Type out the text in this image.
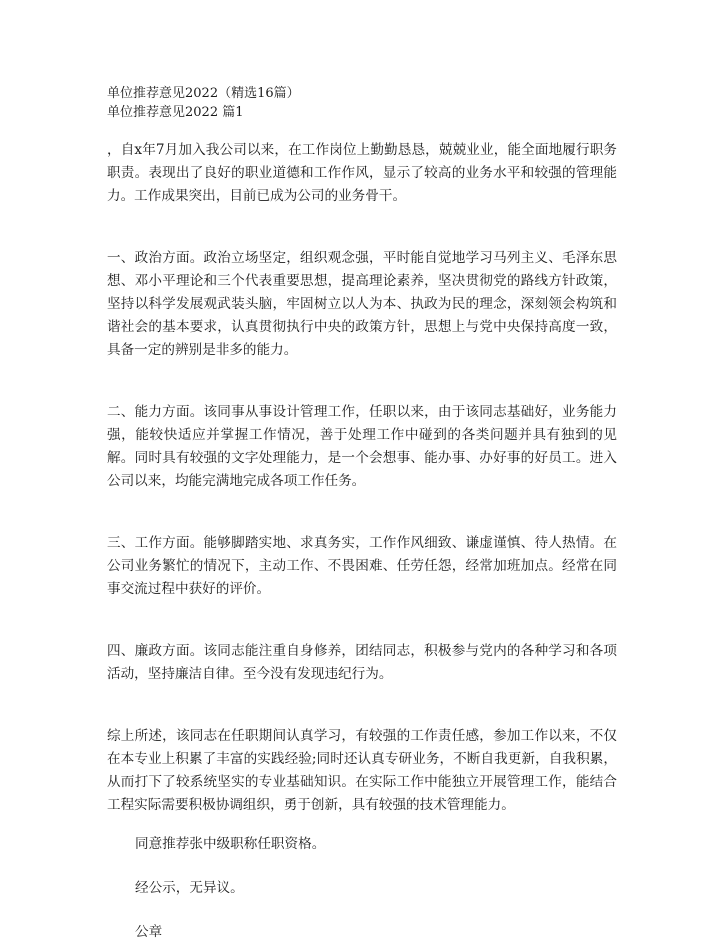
单位推荐意见2022（精选16篇）

单位推荐意见2022 篇1

，自x年7月加入我公司以来，在工作岗位上勤勤恳恳，兢兢业业，能全面地履行职务职责。表现出了良好的职业道德和工作作风，显示了较高的业务水平和较强的管理能力。工作成果突出，目前已成为公司的业务骨干。

一、政治方面。政治立场坚定，组织观念强，平时能自觉地学习马列主义、毛泽东思想、邓小平理论和三个代表重要思想，提高理论素养，坚决贯彻党的路线方针政策，坚持以科学发展观武装头脑，牢固树立以人为本、执政为民的理念，深刻领会构筑和谐社会的基本要求，认真贯彻执行中央的政策方针，思想上与党中央保持高度一致，具备一定的辨别是非多的能力。

二、能力方面。该同事从事设计管理工作，任职以来，由于该同志基础好，业务能力强，能较快适应并掌握工作情况，善于处理工作中碰到的各类问题并具有独到的见解。同时具有较强的文字处理能力，是一个会想事、能办事、办好事的好员工。进入公司以来，均能完满地完成各项工作任务。

三、工作方面。能够脚踏实地、求真务实，工作作风细致、谦虚谨慎、待人热情。在公司业务繁忙的情况下，主动工作、不畏困难、任劳任怨，经常加班加点。经常在同事交流过程中获好的评价。

四、廉政方面。该同志能注重自身修养，团结同志，积极参与党内的各种学习和各项活动，坚持廉洁自律。至今没有发现违纪行为。

综上所述，该同志在任职期间认真学习，有较强的工作责任感，参加工作以来，不仅在本专业上积累了丰富的实践经验;同时还认真专研业务，不断自我更新，自我积累，从而打下了较系统坚实的专业基础知识。在实际工作中能独立开展管理工作，能结合工程实际需要积极协调组织，勇于创新，具有较强的技术管理能力。

同意推荐张中级职称任职资格。

经公示，无异议。

公章
